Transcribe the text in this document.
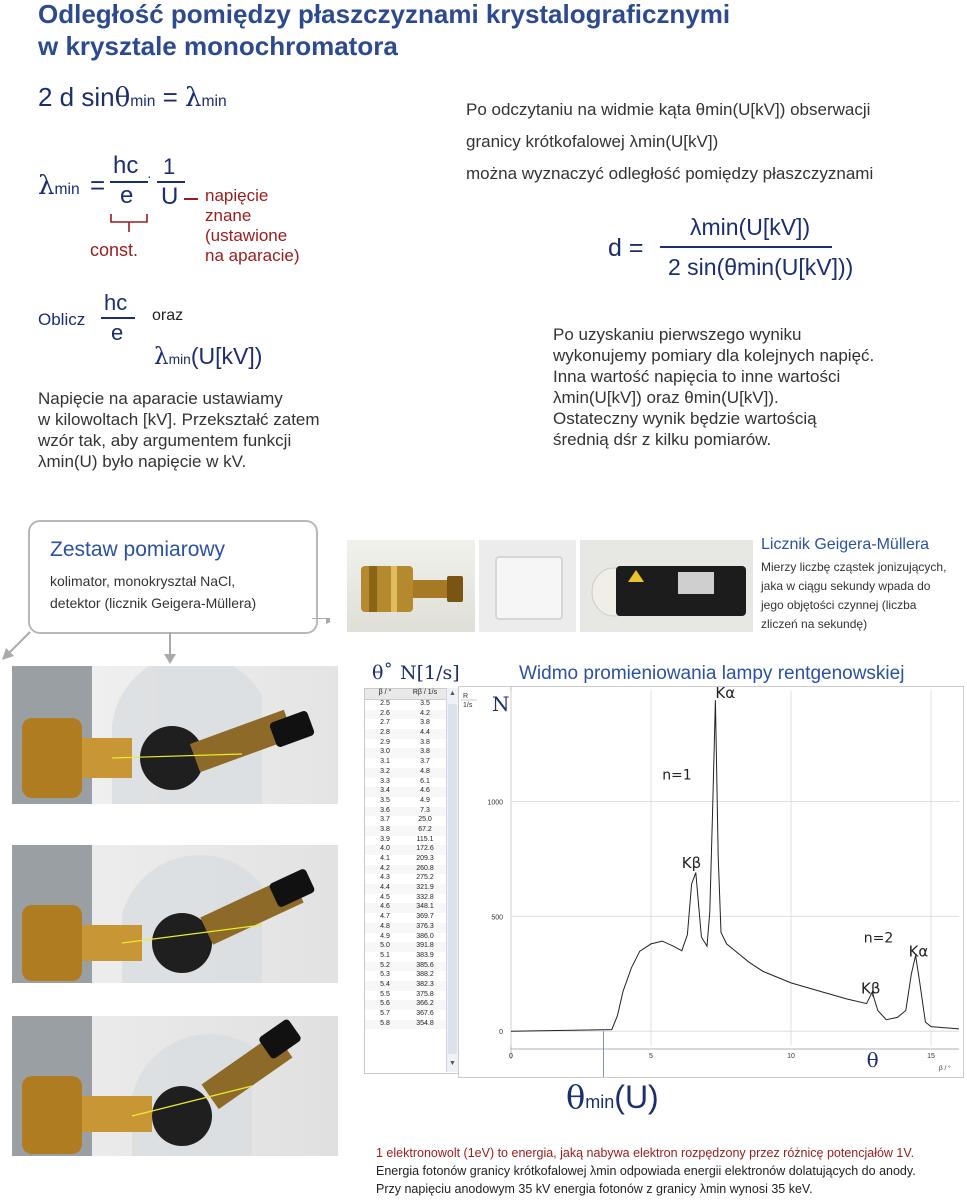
Odległość pomiędzy płaszczyznami krystalograficznymi
w krysztale monochromatora
2 d sinθmin = λmin
λmin =
hc
e
· 1
U napięcie
znane
(ustawione
na aparacie)
const.
Oblicz
hc
e
oraz
λmin(U[kV])
Napięcie na aparacie ustawiamy
w kilowoltach [kV]. Przekształć zatem
wzór tak, aby argumentem funkcji
λmin(U) było napięcie w kV.
Po odczytaniu na widmie kąta θmin(U[kV]) obserwacji
granicy krótkofalowej λmin(U[kV])
można wyznaczyć odległość pomiędzy płaszczyznami
d =
λmin(U[kV])
2 sin(θmin(U[kV]))
Po uzyskaniu pierwszego wyniku
wykonujemy pomiary dla kolejnych napięć.
Inna wartość napięcia to inne wartości
λmin(U[kV]) oraz θmin(U[kV]).
Ostateczny wynik będzie wartością
średnią dśr z kilku pomiarów.
Zestaw pomiarowy
kolimator, monokryształ NaCl,
detektor (licznik Geigera-Müllera)
Licznik Geigera-Müllera
Mierzy liczbę cząstek jonizujących,
jaka w ciągu sekundy wpada do
jego objętości czynnej (liczba
zliczeń na sekundę)
θ˚ N[1/s]
β / °	Rβ / 1/s
2.5	3.5
2.6	4.2
2.7	3.8
2.8	4.4
2.9	3.8
3.0	3.8
3.1	3.7
3.2	4.8
3.3	6.1
3.4	4.6
3.5	4.9
3.6	7.3
3.7	25.0
3.8	67.2
3.9	115.1
4.0	172.6
4.1	209.3
4.2	260.8
4.3	275.2
4.4	321.9
4.5	332.8
4.6	348.1
4.7	369.7
4.8	376.3
4.9	386.0
5.0	391.8
5.1	383.9
5.2	385.6
5.3	388.2
5.4	382.3
5.5	375.8
5.6	366.2
5.7	367.6
5.8	354.8
▲
▼
Widmo promieniowania lampy rentgenowskiej
R
1/s N
0
500
1000
0	5	10	15
Kα
n=1
Kβ
n=2
Kα
Kβ
θ	β / °
θmin(U)
1 elektronowolt (1eV) to energia, jaką nabywa elektron rozpędzony przez różnicę potencjałów 1V.
Energia fotonów granicy krótkofalowej λmin odpowiada energii elektronów dolatujących do anody.
Przy napięciu anodowym 35 kV energia fotonów z granicy λmin wynosi 35 keV.
